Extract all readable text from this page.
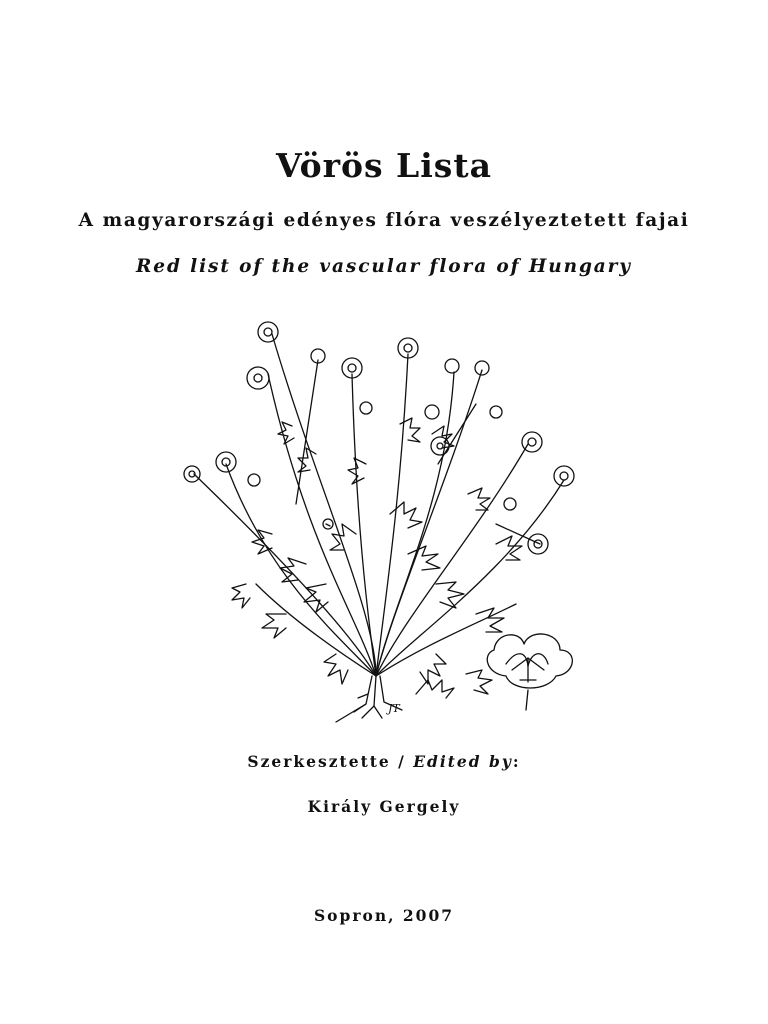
Vörös Lista
A magyarországi edényes flóra veszélyeztetett fajai
Red list of the vascular flora of Hungary
JT
Szerkesztette / Edited by:
Király Gergely
Sopron, 2007
